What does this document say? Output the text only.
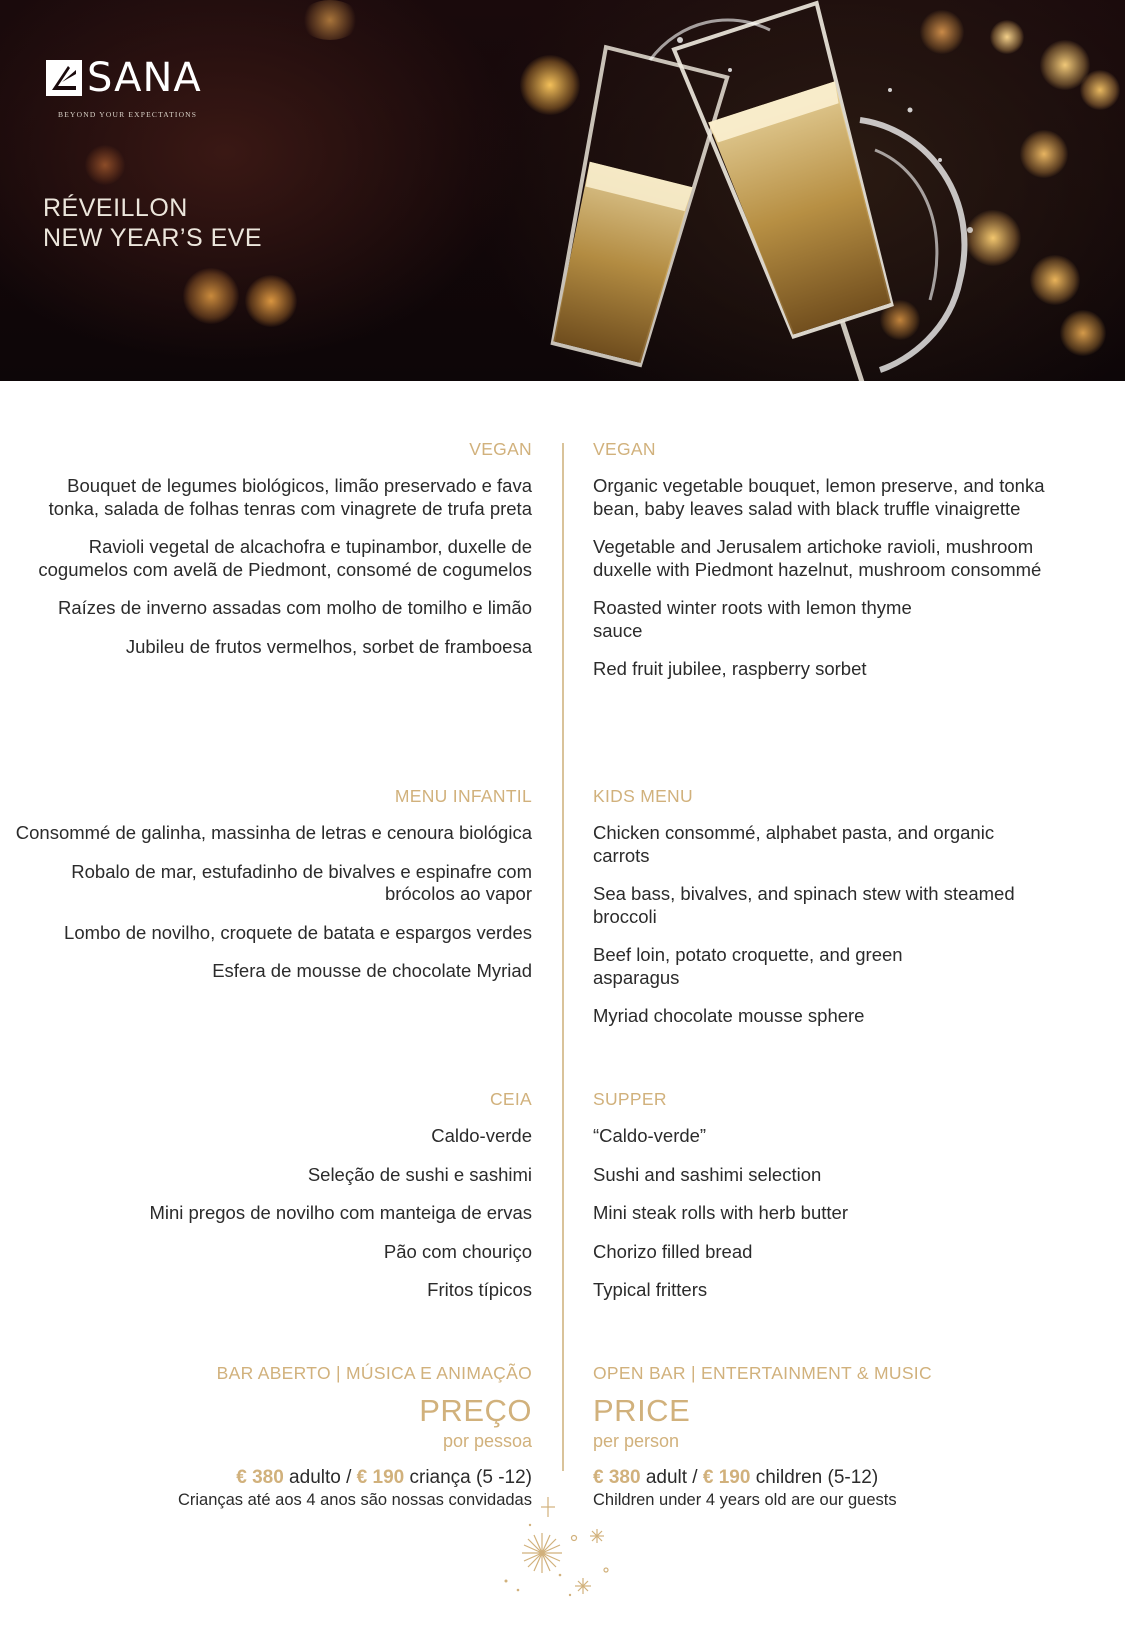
SANA
BEYOND YOUR EXPECTATIONS
RÉVEILLON
NEW YEAR’S EVE
VEGAN
Bouquet de legumes biológicos, limão preservado e fava tonka, salada de folhas tenras com vinagrete de trufa preta
Ravioli vegetal de alcachofra e tupinambor, duxelle de cogumelos com avelã de Piedmont, consomé de cogumelos
Raízes de inverno assadas com molho de tomilho e limão
Jubileu de frutos vermelhos, sorbet de framboesa
VEGAN
Organic vegetable bouquet, lemon preserve, and tonka bean, baby leaves salad with black truffle vinaigrette
Vegetable and Jerusalem artichoke ravioli, mushroom duxelle with Piedmont hazelnut, mushroom consommé
Roasted winter roots with lemon thyme sauce
Red fruit jubilee, raspberry sorbet
MENU INFANTIL
Consommé de galinha, massinha de letras e cenoura biológica
Robalo de mar, estufadinho de bivalves e espinafre com brócolos ao vapor
Lombo de novilho, croquete de batata e espargos verdes
Esfera de mousse de chocolate Myriad
KIDS MENU
Chicken consommé, alphabet pasta, and organic carrots
Sea bass, bivalves, and spinach stew with steamed broccoli
Beef loin, potato croquette, and green asparagus
Myriad chocolate mousse sphere
CEIA
Caldo-verde
Seleção de sushi e sashimi
Mini pregos de novilho com manteiga de ervas
Pão com chouriço
Fritos típicos
SUPPER
“Caldo-verde”
Sushi and sashimi selection
Mini steak rolls with herb butter
Chorizo filled bread
Typical fritters
BAR ABERTO | MÚSICA E ANIMAÇÃO
PREÇO
por pessoa
€ 380 adulto / € 190 criança (5 -12)
Crianças até aos 4 anos são nossas convidadas
OPEN BAR | ENTERTAINMENT & MUSIC
PRICE
per person
€ 380 adult / € 190 children (5-12)
Children under 4 years old are our guests
